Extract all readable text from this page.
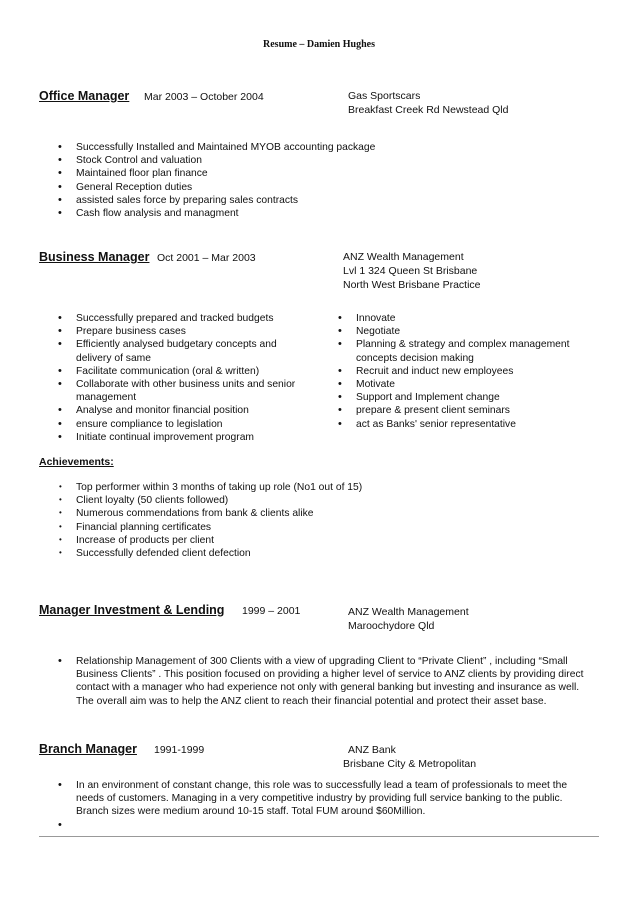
Resume – Damien Hughes
Office Manager Mar 2003 – October 2004	Gas Sportscars
Breakfast Creek Rd Newstead Qld
• Successfully Installed and Maintained MYOB accounting package
• Stock Control and valuation
• Maintained floor plan finance
• General Reception duties
• assisted sales force by preparing sales contracts
• Cash flow analysis and managment
Business Manager Oct 2001 – Mar 2003	ANZ Wealth Management
Lvl 1 324 Queen St Brisbane
North West Brisbane Practice
• Successfully prepared and tracked budgets
• Prepare business cases
• Efficiently analysed budgetary concepts and delivery of same
• Facilitate communication (oral & written)
• Collaborate with other business units and senior management
• Analyse and monitor financial position
• ensure compliance to legislation
• Initiate continual improvement program
• Innovate
• Negotiate
• Planning & strategy and complex management concepts decision making
• Recruit and induct new employees
• Motivate
• Support and Implement change
• prepare & present client seminars
• act as Banks' senior representative
Achievements:
• Top performer within 3 months of taking up role (No1 out of 15)
• Client loyalty (50 clients followed)
• Numerous commendations from bank & clients alike
• Financial planning certificates
• Increase of products per client
• Successfully defended client defection
Manager Investment & Lending 1999 – 2001	ANZ Wealth Management
Maroochydore Qld
• Relationship Management of 300 Clients with a view of upgrading Client to “Private Client” , including “Small Business Clients” . This position focused on providing a higher level of service to ANZ clients by providing direct contact with a manager who had experience not only with general banking but investing and insurance as well. The overall aim was to help the ANZ client to reach their financial potential and protect their asset base.
Branch Manager 1991-1999	ANZ Bank
Brisbane City & Metropolitan
• In an environment of constant change, this role was to successfully lead a team of professionals to meet the needs of customers. Managing in a very competitive industry by providing full service banking to the public. Branch sizes were medium around 10-15 staff. Total FUM around $60Million.
•
